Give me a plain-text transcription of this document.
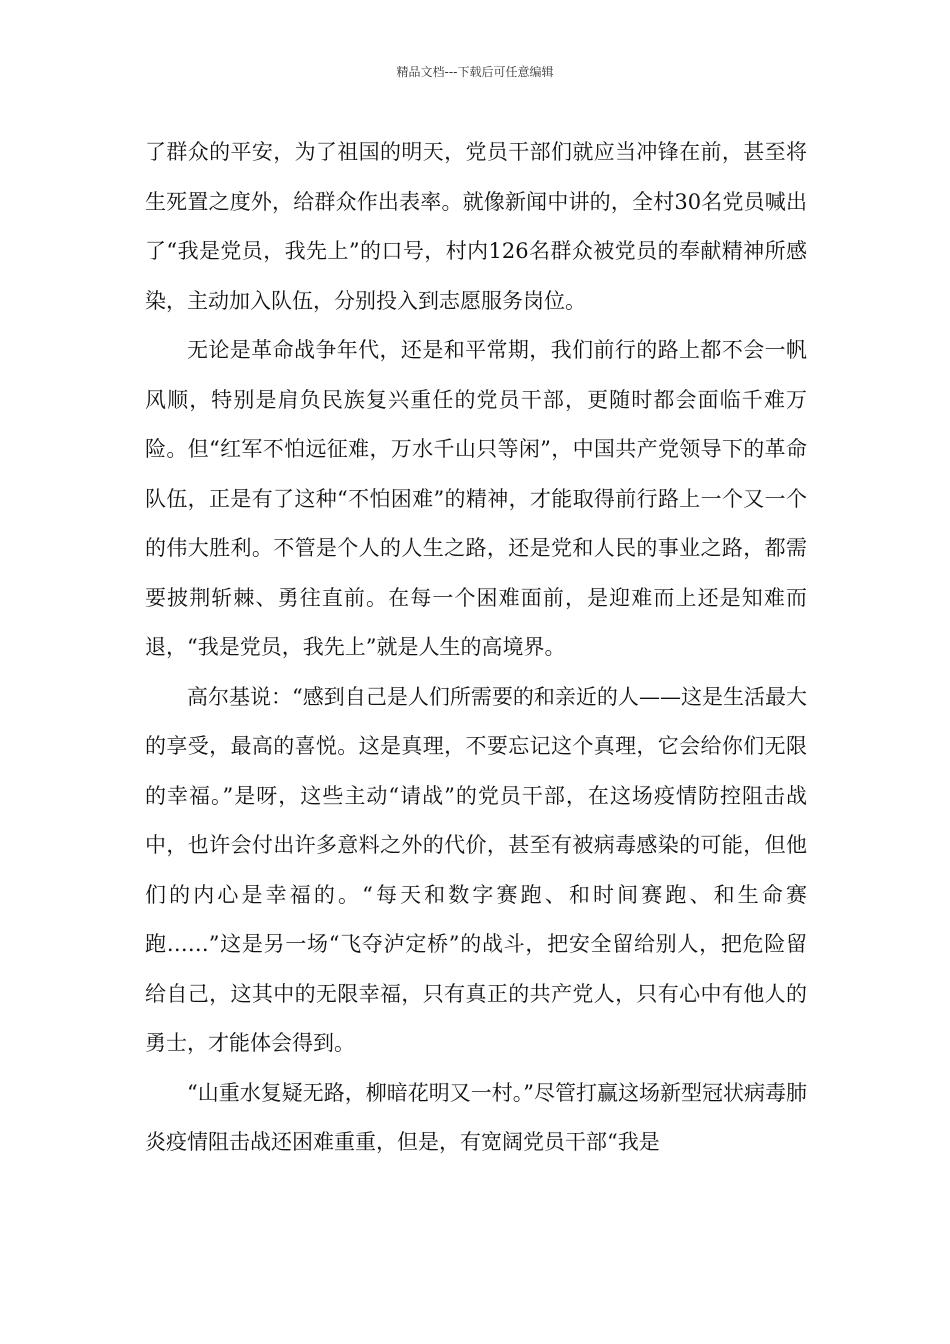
精品文档---下载后可任意编辑

了群众的平安，为了祖国的明天，党员干部们就应当冲锋在前，甚至将生死置之度外，给群众作出表率。就像新闻中讲的，全村30名党员喊出了“我是党员，我先上”的口号，村内126名群众被党员的奉献精神所感染，主动加入队伍，分别投入到志愿服务岗位。

无论是革命战争年代，还是和平常期，我们前行的路上都不会一帆风顺，特别是肩负民族复兴重任的党员干部，更随时都会面临千难万险。但“红军不怕远征难，万水千山只等闲”，中国共产党领导下的革命队伍，正是有了这种“不怕困难”的精神，才能取得前行路上一个又一个的伟大胜利。不管是个人的人生之路，还是党和人民的事业之路，都需要披荆斩棘、勇往直前。在每一个困难面前，是迎难而上还是知难而退，“我是党员，我先上”就是人生的高境界。

高尔基说：“感到自己是人们所需要的和亲近的人——这是生活最大的享受，最高的喜悦。这是真理，不要忘记这个真理，它会给你们无限的幸福。”是呀，这些主动“请战”的党员干部，在这场疫情防控阻击战中，也许会付出许多意料之外的代价，甚至有被病毒感染的可能，但他们的内心是幸福的。“每天和数字赛跑、和时间赛跑、和生命赛跑……”这是另一场“飞夺泸定桥”的战斗，把安全留给别人，把危险留给自己，这其中的无限幸福，只有真正的共产党人，只有心中有他人的勇士，才能体会得到。

“山重水复疑无路，柳暗花明又一村。”尽管打赢这场新型冠状病毒肺炎疫情阻击战还困难重重，但是，有宽阔党员干部“我是
